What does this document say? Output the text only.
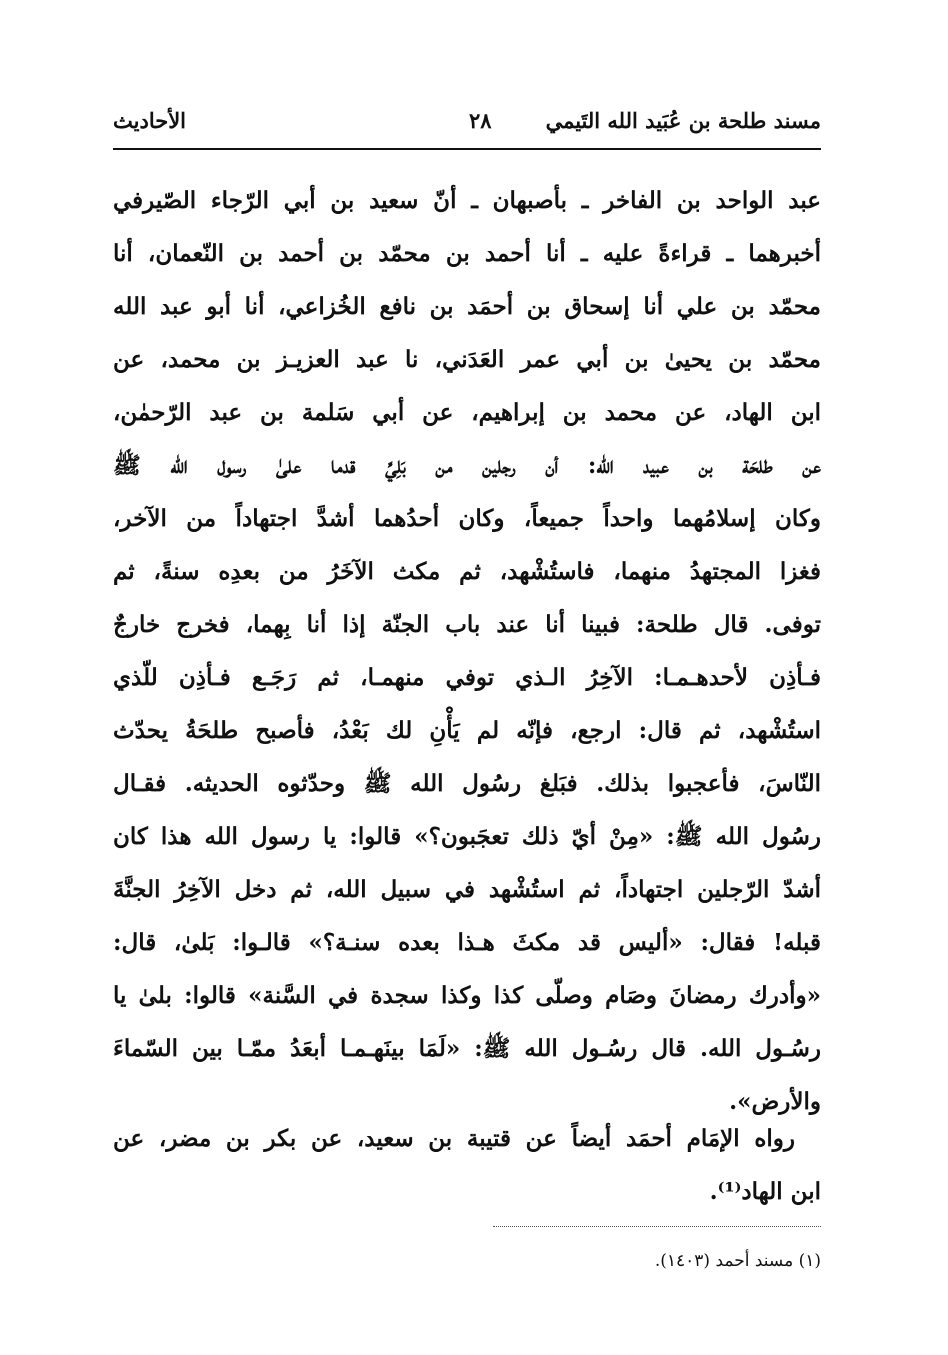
مسند طلحة بن عُبَيد الله التَيمي
٢٨
الأحاديث
عبد الواحد بن الفاخر ـ بأصبهان ـ أنّ سعيد بن أبي الرّجاء الصّيرفي
أخبرهما ـ قراءةً عليه ـ أنا أحمد بن محمّد بن أحمد بن النّعمان، أنا
محمّد بن علي أنا إسحاق بن أحمَد بن نافع الخُزاعي، أنا أبو عبد الله
محمّد بن يحيىٰ بن أبي عمر العَدَني، نا عبد العزيـز بن محمد، عن
ابن الهاد، عن محمد بن إبراهيم، عن أبي سَلمة بن عبد الرّحمٰن،
عن طلحَة بن عبيد الله: أن رجلين من بَلِيِّ قدما علىٰ رسول الله ﷺ
وكان إسلامُهما واحداً جميعاً، وكان أحدُهما أشدَّ اجتهاداً من الآخر،
فغزا المجتهدُ منهما، فاستُشْهد، ثم مكث الآخَرُ من بعدِه سنةً، ثم
توفى. قال طلحة: فبينا أنا عند باب الجنّة إذا أنا بِهما، فخرج خارجٌ
فـأذِن لأحدهـمـا: الآخِرُ الـذي توفي منهمـا، ثم رَجَـع فـأذِن للّذي
استُشْهد، ثم قال: ارجع، فإنّه لم يَأْنِ لك بَعْدُ، فأصبح طلحَةُ يحدّث
النّاسَ، فأعجبوا بذلك. فبَلغ رسُول الله ﷺ وحدّثوه الحديثه. فقـال
رسُول الله ﷺ: «مِنْ أيّ ذلك تعجَبون؟» قالوا: يا رسول الله هذا كان
أشدّ الرّجلين اجتهاداً، ثم استُشْهد في سبيل الله، ثم دخل الآخِرُ الجنَّةَ
قبله! فقال: «أليس قد مكثَ هـذا بعده سنـة؟» قالـوا: بَلىٰ، قال:
«وأدرك رمضانَ وصَام وصلّى كذا وكذا سجدة في السَّنة» قالوا: بلىٰ يا
رسُـول الله. قال رسُـول الله ﷺ: «لَمَا بينَهـمـا أبعَدُ ممّـا بين السّماءَ
والأرض».
رواه الإمَام أحمَد أيضاً عن قتيبة بن سعيد، عن بكر بن مضر، عن
ابن الهاد⁽¹⁾.
(١) مسند أحمد (١٤٠٣).
